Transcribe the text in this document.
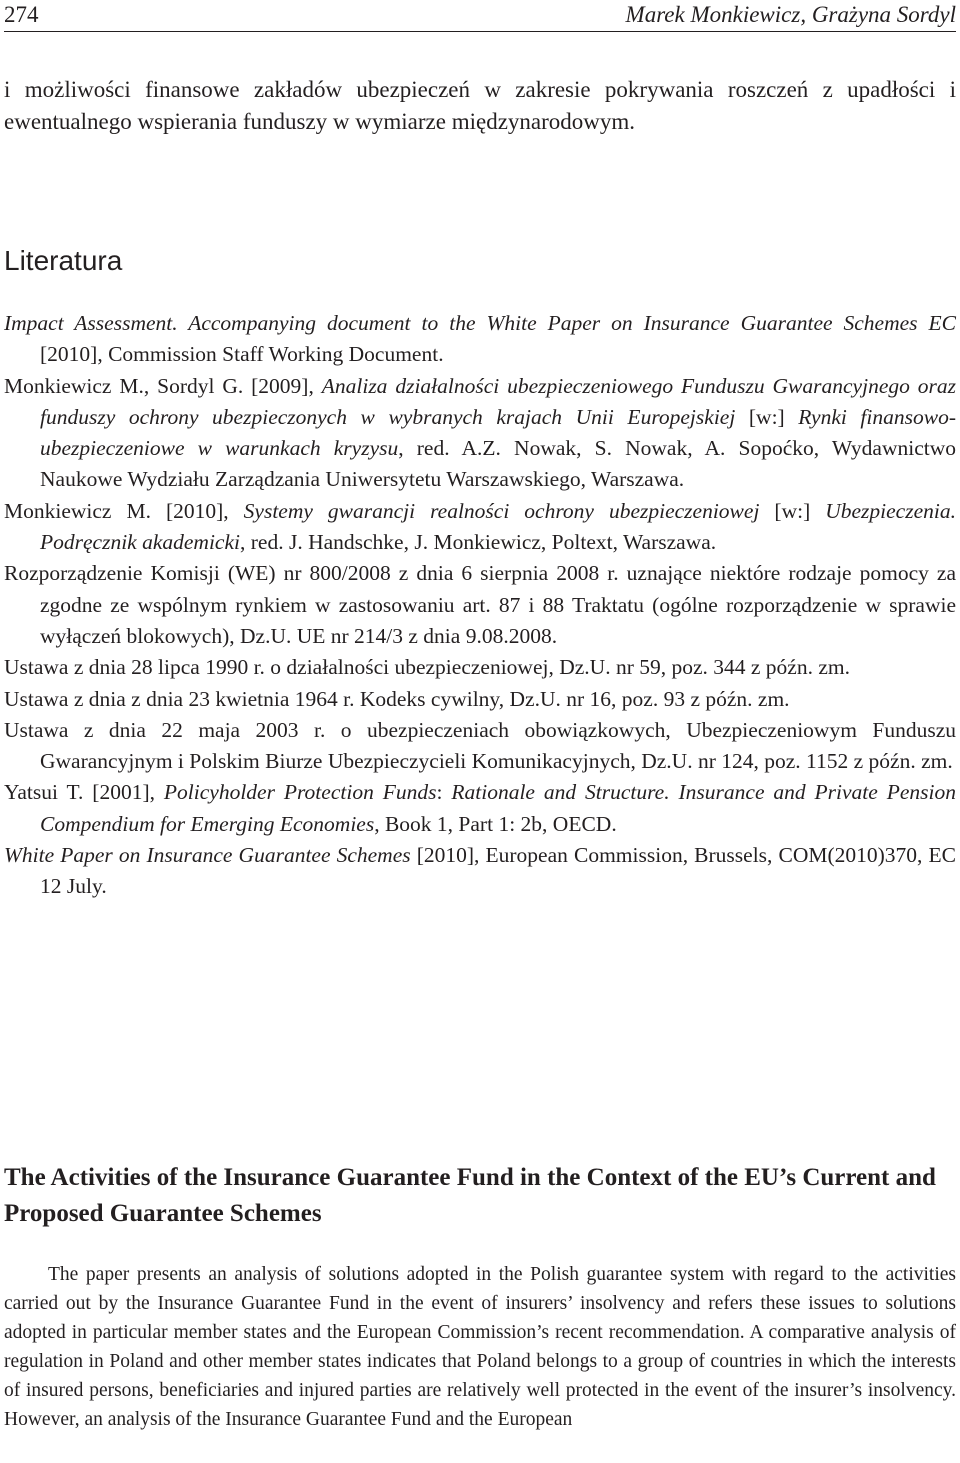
274	Marek Monkiewicz, Grażyna Sordyl

i możliwości finansowe zakładów ubezpieczeń w zakresie pokrywania roszczeń z upadłości i ewentualnego wspierania funduszy w wymiarze międzynarodowym.

Literatura
Impact Assessment. Accompanying document to the White Paper on Insurance Guarantee Schemes EC [2010], Commission Staff Working Document.
Monkiewicz M., Sordyl G. [2009], Analiza działalności ubezpieczeniowego Funduszu Gwarancyjnego oraz funduszy ochrony ubezpieczonych w wybranych krajach Unii Europejskiej [w:] Rynki finansowo-ubezpieczeniowe w warunkach kryzysu, red. A.Z. Nowak, S. Nowak, A. Sopoćko, Wydawnictwo Naukowe Wydziału Zarządzania Uniwersytetu Warszawskiego, Warszawa.
Monkiewicz M. [2010], Systemy gwarancji realności ochrony ubezpieczeniowej [w:] Ubezpieczenia. Podręcznik akademicki, red. J. Handschke, J. Monkiewicz, Poltext, Warszawa.
Rozporządzenie Komisji (WE) nr 800/2008 z dnia 6 sierpnia 2008 r. uznające niektóre rodzaje pomocy za zgodne ze wspólnym rynkiem w zastosowaniu art. 87 i 88 Traktatu (ogólne rozporządzenie w sprawie wyłączeń blokowych), Dz.U. UE nr 214/3 z dnia 9.08.2008.
Ustawa z dnia 28 lipca 1990 r. o działalności ubezpieczeniowej, Dz.U. nr 59, poz. 344 z późn. zm.
Ustawa z dnia z dnia 23 kwietnia 1964 r. Kodeks cywilny, Dz.U. nr 16, poz. 93 z późn. zm.
Ustawa z dnia 22 maja 2003 r. o ubezpieczeniach obowiązkowych, Ubezpieczeniowym Funduszu Gwarancyjnym i Polskim Biurze Ubezpieczycieli Komunikacyjnych, Dz.U. nr 124, poz. 1152 z późn. zm.
Yatsui T. [2001], Policyholder Protection Funds: Rationale and Structure. Insurance and Private Pension Compendium for Emerging Economies, Book 1, Part 1: 2b, OECD.
White Paper on Insurance Guarantee Schemes [2010], European Commission, Brussels, COM(2010)370, EC 12 July.
The Activities of the Insurance Guarantee Fund in the Context of the EU’s Current and Proposed Guarantee Schemes

The paper presents an analysis of solutions adopted in the Polish guarantee system with regard to the activities carried out by the Insurance Guarantee Fund in the event of insurers’ insolvency and refers these issues to solutions adopted in particular member states and the European Commission’s recent recommendation. A comparative analysis of regulation in Poland and other member states indicates that Poland belongs to a group of countries in which the interests of insured persons, beneficiaries and injured parties are relatively well protected in the event of the insurer’s insolvency. However, an analysis of the Insurance Guarantee Fund and the European
